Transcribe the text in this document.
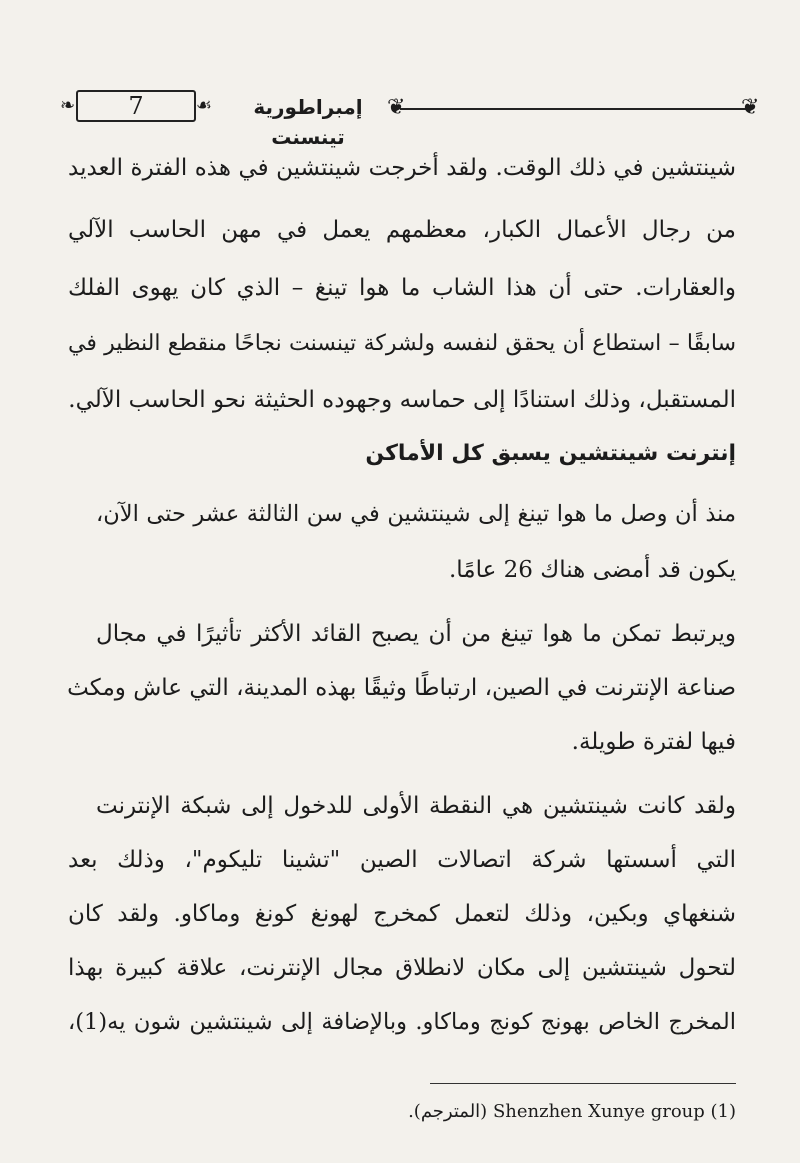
❦
❦
إمبراطورية تينسنت
❧	7	☙
شينتشين في ذلك الوقت. ولقد أخرجت شينتشين في هذه الفترة العديد
من رجال الأعمال الكبار، معظمهم يعمل في مهن الحاسب الآلي
والعقارات. حتى أن هذا الشاب ما هوا تينغ – الذي كان يهوى الفلك
سابقًا – استطاع أن يحقق لنفسه ولشركة تينسنت نجاحًا منقطع النظير في
المستقبل، وذلك استنادًا إلى حماسه وجهوده الحثيثة نحو الحاسب الآلي.
إنترنت شينتشين يسبق كل الأماكن
منذ أن وصل ما هوا تينغ إلى شينتشين في سن الثالثة عشر حتى الآن،
يكون قد أمضى هناك 26 عامًا.
ويرتبط تمكن ما هوا تينغ من أن يصبح القائد الأكثر تأثيرًا في مجال
صناعة الإنترنت في الصين، ارتباطًا وثيقًا بهذه المدينة، التي عاش ومكث
فيها لفترة طويلة.
ولقد كانت شينتشين هي النقطة الأولى للدخول إلى شبكة الإنترنت
التي أسستها شركة اتصالات الصين "تشينا تليكوم"، وذلك بعد
شنغهاي وبكين، وذلك لتعمل كمخرج لهونغ كونغ وماكاو. ولقد كان
لتحول شينتشين إلى مكان لانطلاق مجال الإنترنت، علاقة كبيرة بهذا
المخرج الخاص بهونج كونج وماكاو. وبالإضافة إلى شينتشين شون يه(1)،
Shenzhen Xunye group (1) (المترجم).
